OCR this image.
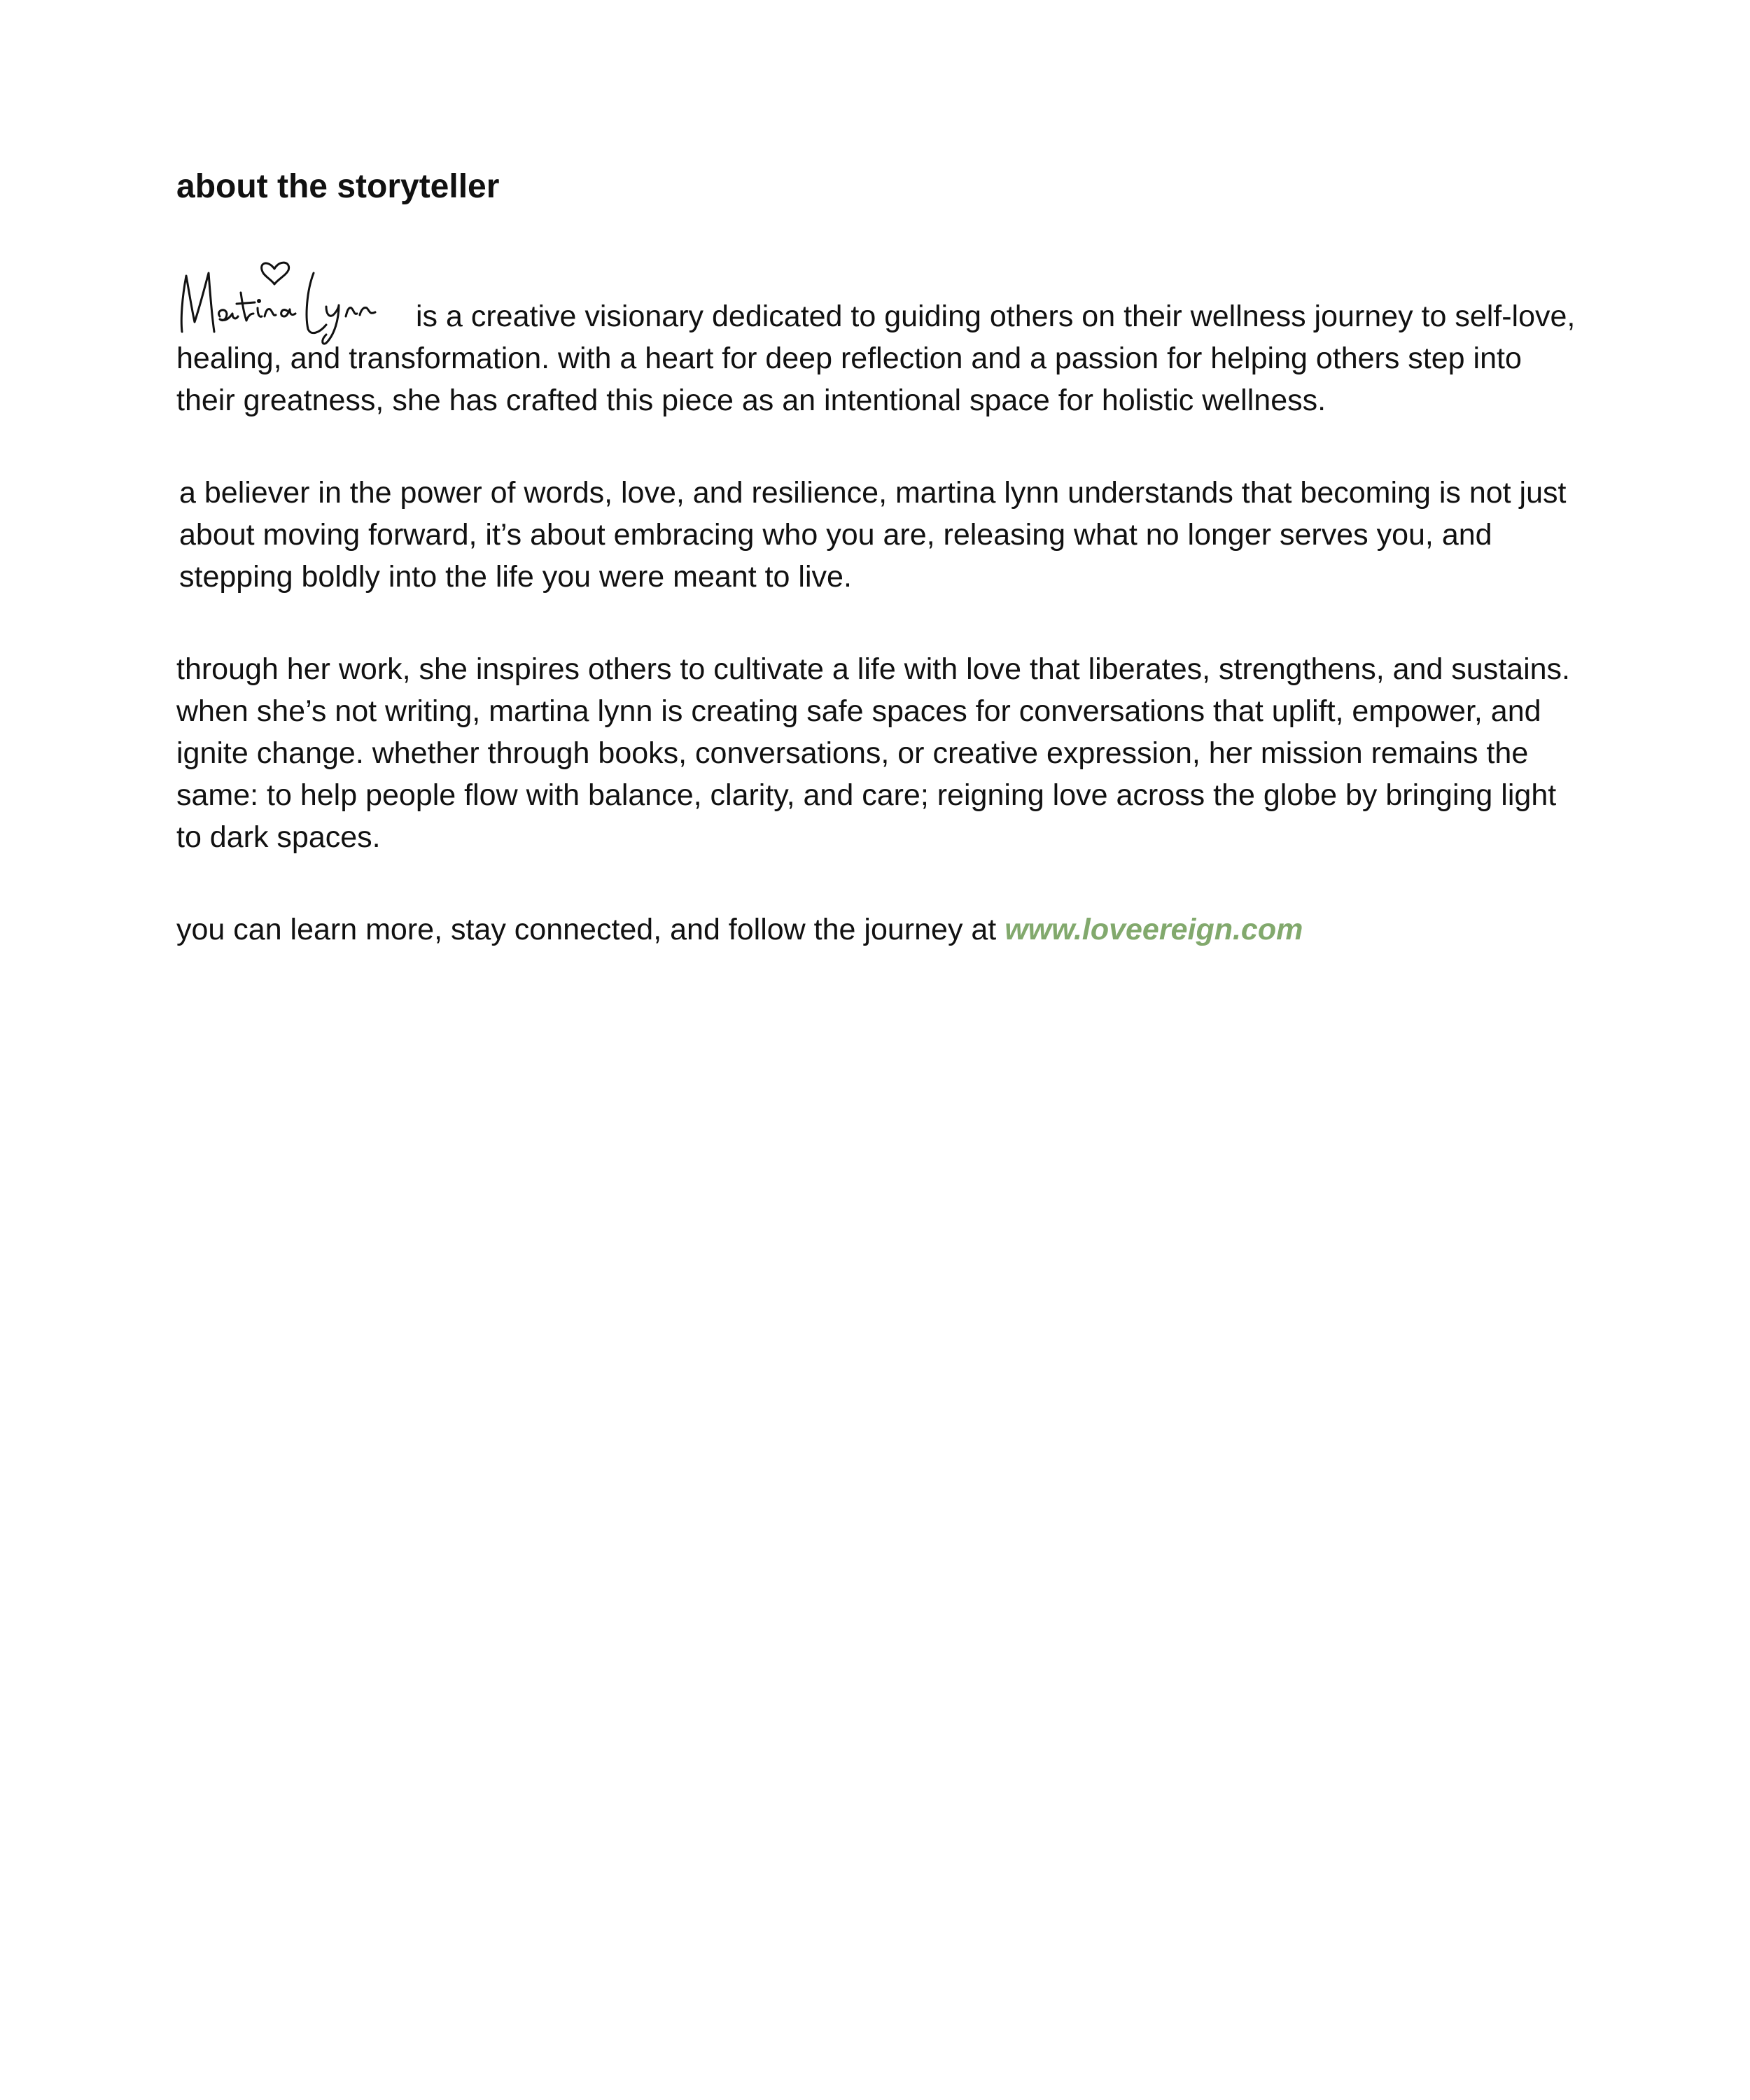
about the storyteller

is a creative visionary dedicated to guiding others on their wellness journey to self-love, healing, and transformation. with a heart for deep reflection and a passion for helping others step into their greatness, she has crafted this piece as an intentional space for holistic wellness.

a believer in the power of words, love, and resilience, martina lynn understands that becoming is not just about moving forward, it’s about embracing who you are, releasing what no longer serves you, and stepping boldly into the life you were meant to live.

through her work, she inspires others to cultivate a life with love that liberates, strengthens, and sustains. when she’s not writing, martina lynn is creating safe spaces for conversations that uplift, empower, and ignite change. whether through books, conversations, or creative expression, her mission remains the same: to help people flow with balance, clarity, and care; reigning love across the globe by bringing light to dark spaces.

you can learn more, stay connected, and follow the journey at www.loveereign.com
